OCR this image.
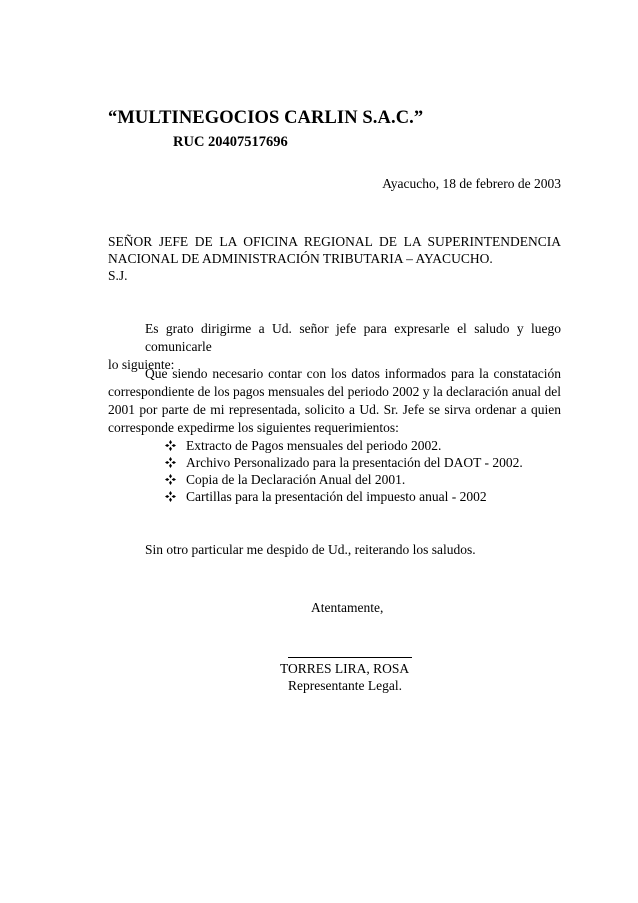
“MULTINEGOCIOS CARLIN S.A.C.”
RUC 20407517696
Ayacucho, 18 de febrero de 2003
SEÑOR JEFE DE LA OFICINA REGIONAL DE LA SUPERINTENDENCIA
NACIONAL DE ADMINISTRACIÓN TRIBUTARIA – AYACUCHO.
S.J.
Es grato dirigirme a Ud. señor jefe para expresarle el saludo y luego comunicarle
lo siguiente:
Que siendo necesario contar con los datos informados para la constatación
correspondiente de los pagos mensuales del periodo 2002 y la declaración anual del
2001 por parte de mi representada, solicito a Ud. Sr. Jefe se sirva ordenar a quien
corresponde expedirme los siguientes requerimientos:
Extracto de Pagos mensuales del periodo 2002.
Archivo Personalizado para la presentación del DAOT - 2002.
Copia de la Declaración Anual del 2001.
Cartillas para la presentación del impuesto anual - 2002
Sin otro particular me despido de Ud., reiterando los saludos.
Atentamente,
TORRES LIRA, ROSA
Representante Legal.
